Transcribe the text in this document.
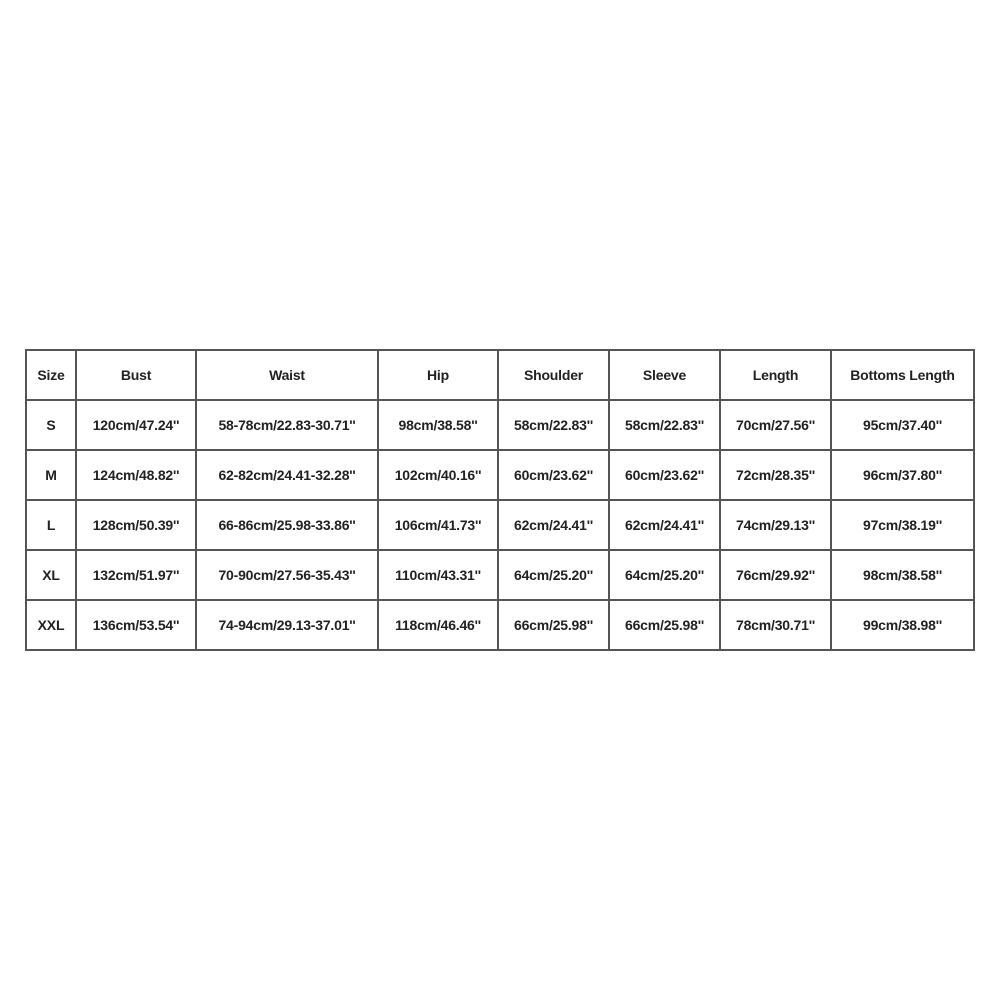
Size	Bust	Waist	Hip	Shoulder	Sleeve	Length	Bottoms Length
S	120cm/47.24''	58-78cm/22.83-30.71''	98cm/38.58''	58cm/22.83''	58cm/22.83''	70cm/27.56''	95cm/37.40''
M	124cm/48.82''	62-82cm/24.41-32.28''	102cm/40.16''	60cm/23.62''	60cm/23.62''	72cm/28.35''	96cm/37.80''
L	128cm/50.39''	66-86cm/25.98-33.86''	106cm/41.73''	62cm/24.41''	62cm/24.41''	74cm/29.13''	97cm/38.19''
XL	132cm/51.97''	70-90cm/27.56-35.43''	110cm/43.31''	64cm/25.20''	64cm/25.20''	76cm/29.92''	98cm/38.58''
XXL	136cm/53.54''	74-94cm/29.13-37.01''	118cm/46.46''	66cm/25.98''	66cm/25.98''	78cm/30.71''	99cm/38.98''
